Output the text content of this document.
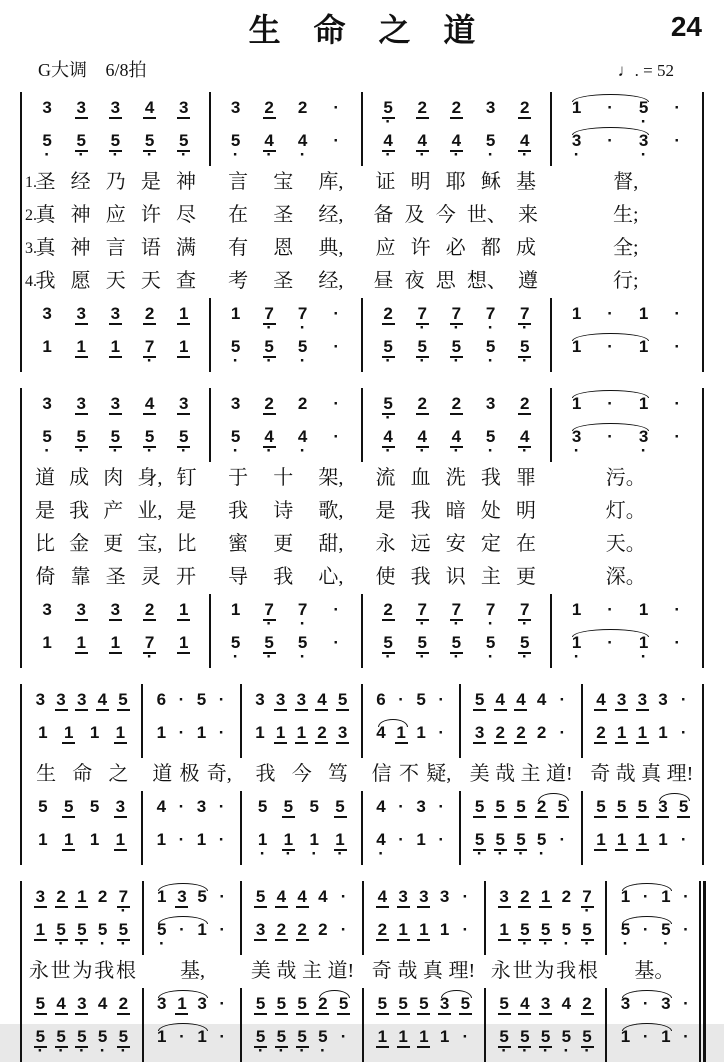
生 命 之 道	24
G大调 6/8拍	♩. = 52
3 3 3 4 3
5
·
5
·
5
·
5
·
5
·
3 2 2 ·
5
·
4
·
4
·
·
5
·
2 2 3 2
4
·
4
·
4
·
5
·
4
·
1 · 5
·
·
3
·
· 3
·
·
1.
圣 经 乃 是 神 言 宝 库, 证 明 耶 稣 基	督,
2.
真 神 应 许 尽 在 圣 经, 备 及 今 世、 来	生;
3.
真 神 言 语 满 有 恩 典, 应 许 必 都 成	全;
4.
我 愿 天 天 查 考 圣 经, 昼 夜 思 想、 遵	行;
3 3 3 2 1
1 1 1 7
·
1
1 7
·
7
·
·
5
·
5
·
5
·
·
2 7
·
7
·
7
·
7
·
5
·
5
·
5
·
5
·
5
·
1 · 1 ·
1 · 1 ·
3 3 3 4 3
5
·
5
·
5
·
5
·
5
·
3 2 2 ·
5
·
4
·
4
·
·
5
·
2 2 3 2
4
·
4
·
4
·
5
·
4
·
1 · 1 ·
3
·
· 3
·
·
道 成 肉 身, 钉 于 十 架, 流 血 洗 我 罪	污。
是 我 产 业, 是 我 诗 歌, 是 我 暗 处 明	灯。
比 金 更 宝, 比 蜜 更 甜, 永 远 安 定 在	天。
倚 靠 圣 灵 开 导 我 心, 使 我 识 主 更	深。
3 3 3 2 1
1 1 1 7
·
1
1 7
·
7
·
·
5
·
5
·
5
·
·
2 7
·
7
·
7
·
7
·
5
·
5
·
5
·
5
·
5
·
1 · 1 ·
1
·
· 1
·
·
3 3 3 4 5
1 1 1 1
6 · 5 ·
1 · 1 ·
3 3 3 4 5
1 1 1 2 3
6 · 5 ·
4 1 1 ·
5 4 4 4 ·
3 2 2 2 ·
4 3 3 3 ·
2 1 1 1 ·
生 命 之 道 极 奇, 我 今 笃 信 不 疑, 美 哉 主 道! 奇 哉 真 理!
5 5 5 3
1 1 1 1
4 · 3 ·
1 · 1 ·
5 5 5 5
1
·
1
·
1
·
1
·
4 · 3 ·
4
·
· 1 ·
5 5 5 2 5
5
·
5
·
5
·
5
·
·
5 5 5 3 5
1 1 1 1 ·
3 2 1 2 7
·
1 5
·
5
·
5
·
5
·
1 3 5 ·
5
·
· 1 ·
5 4 4 4 ·
3 2 2 2 ·
4 3 3 3 ·
2 1 1 1 ·
3 2 1 2 7
·
1 5
·
5
·
5
·
5
·
1 · 1 ·
5
·
· 5
·
·
永 世 为 我 根 基, 美 哉 主 道! 奇 哉 真 理! 永 世 为 我 根 基。
5 4 3 4 2
5
·
5
·
5
·
5
·
5
·
3 1 3 ·
1 · 1 ·
5 5 5 2 5
5
·
5
·
5
·
5
·
·
5 5 5 3 5
1 1 1 1 ·
5 4 3 4 2
5
·
5
·
5
·
5
·
5
·
3 · 3 ·
1 · 1 ·
